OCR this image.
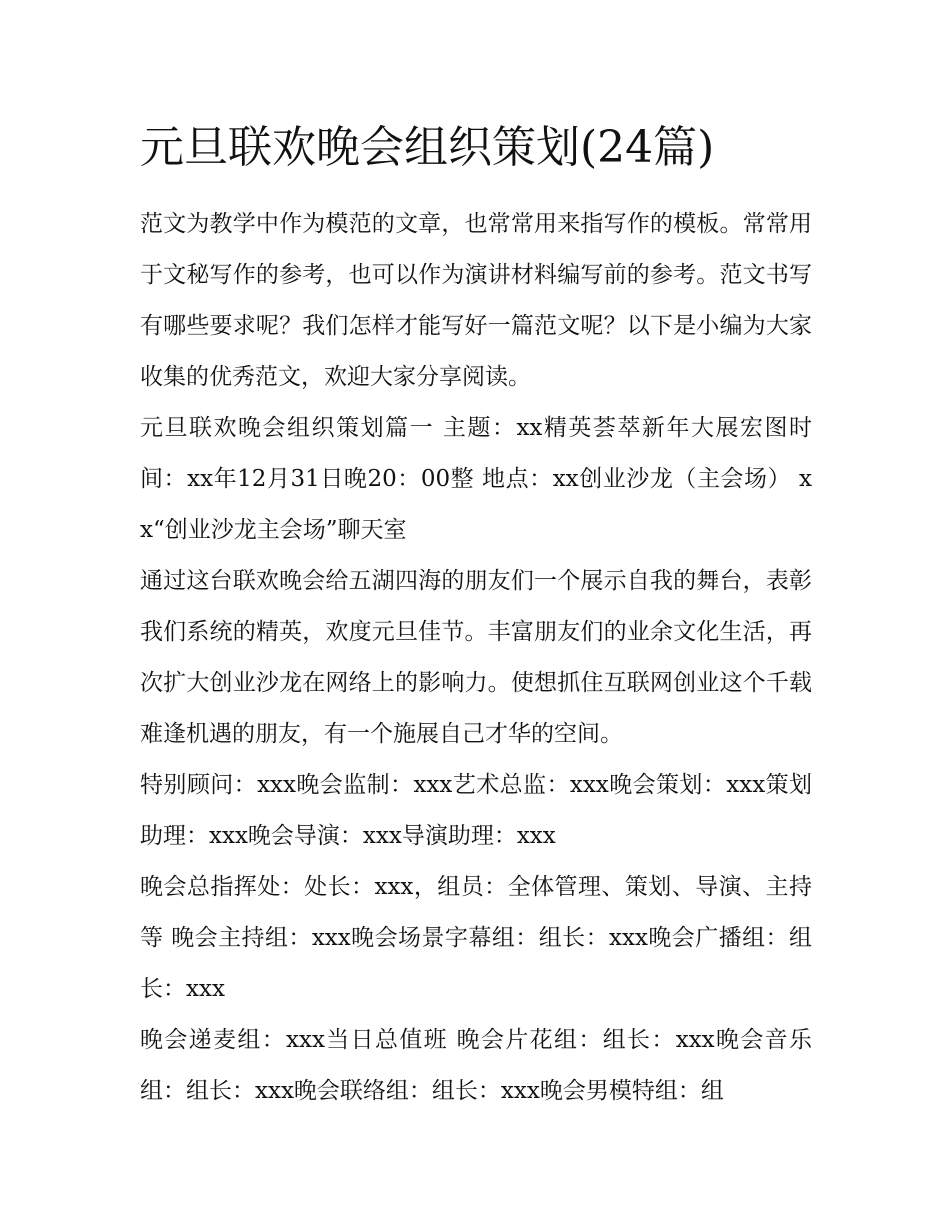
元旦联欢晚会组织策划(24篇)

范文为教学中作为模范的文章，也常常用来指写作的模板。常常用于文秘写作的参考，也可以作为演讲材料编写前的参考。范文书写有哪些要求呢？我们怎样才能写好一篇范文呢？以下是小编为大家收集的优秀范文，欢迎大家分享阅读。

元旦联欢晚会组织策划篇一 主题：xx精英荟萃新年大展宏图时间：xx年12月31日晚20：00整 地点：xx创业沙龙（主会场） xx“创业沙龙主会场”聊天室

通过这台联欢晚会给五湖四海的朋友们一个展示自我的舞台，表彰我们系统的精英，欢度元旦佳节。丰富朋友们的业余文化生活，再次扩大创业沙龙在网络上的影响力。使想抓住互联网创业这个千载难逢机遇的朋友，有一个施展自己才华的空间。

特别顾问：xxx晚会监制：xxx艺术总监：xxx晚会策划：xxx策划助理：xxx晚会导演：xxx导演助理：xxx

晚会总指挥处：处长：xxx，组员：全体管理、策划、导演、主持等 晚会主持组：xxx晚会场景字幕组：组长：xxx晚会广播组：组长：xxx

晚会递麦组：xxx当日总值班 晚会片花组：组长：xxx晚会音乐组：组长：xxx晚会联络组：组长：xxx晚会男模特组：组
